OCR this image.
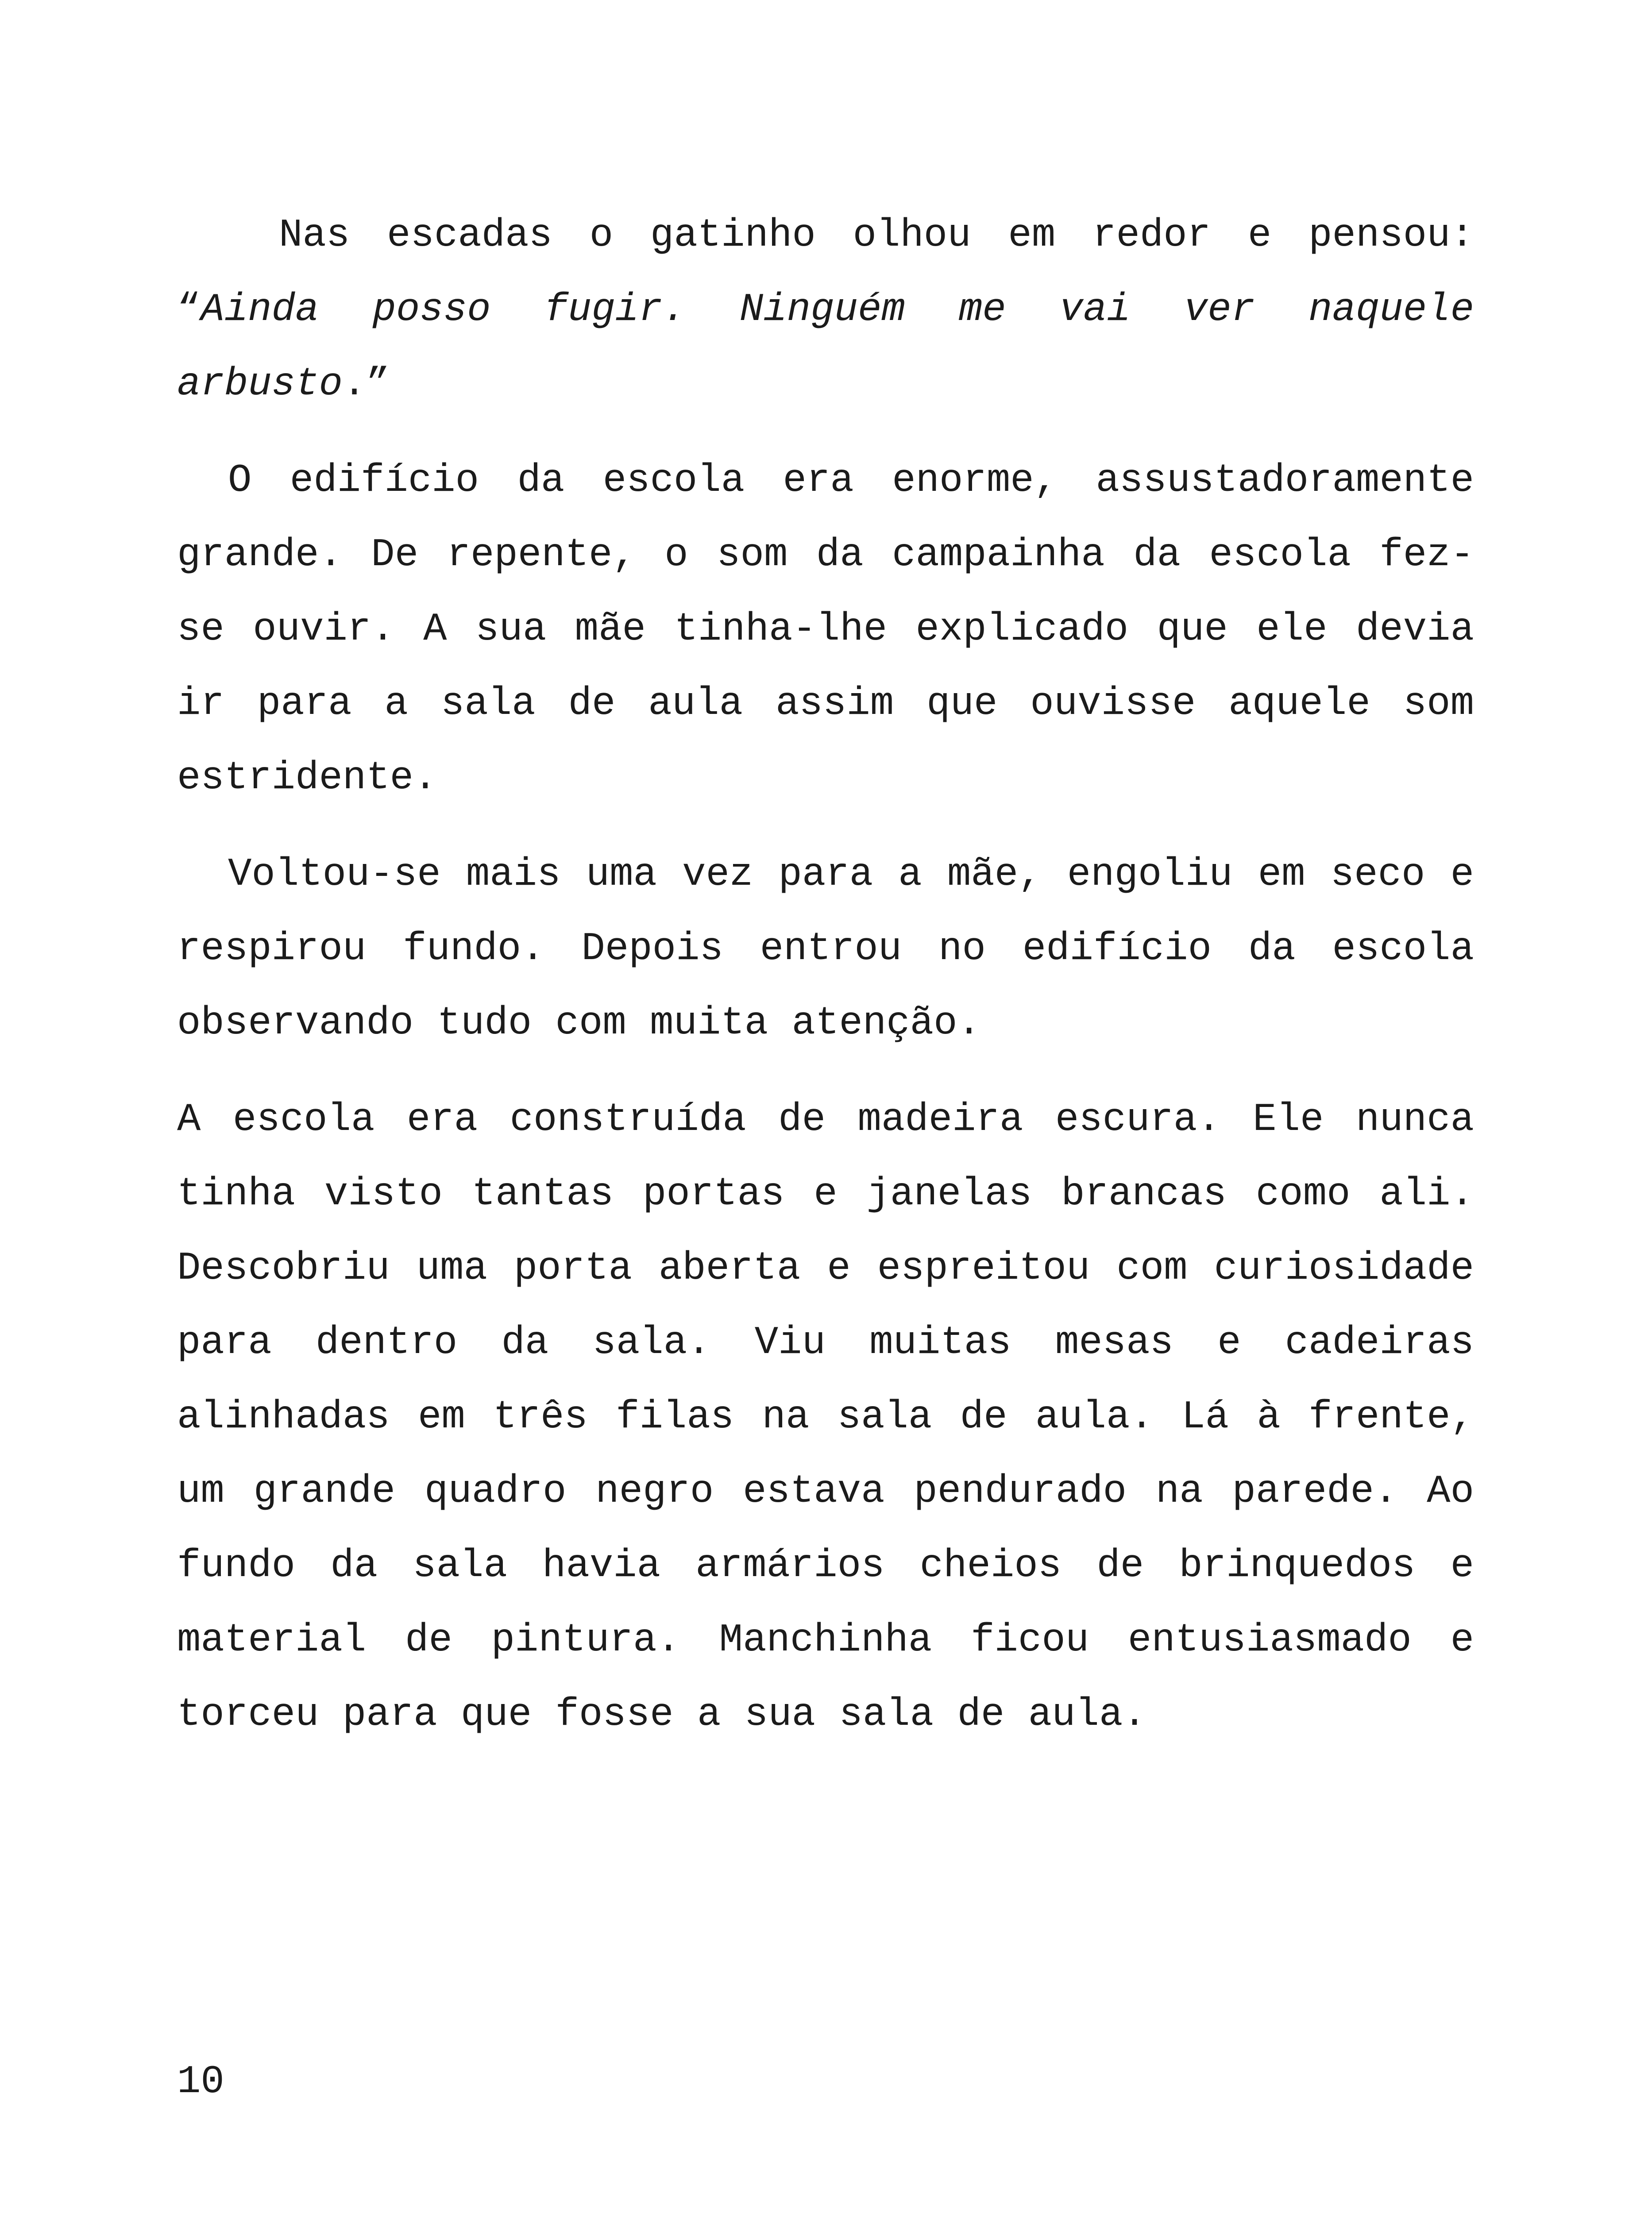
Nas escadas o gatinho olhou em redor e pensou: “Ainda posso fugir. Ninguém me vai ver naquele arbusto.”

O edifício da escola era enorme, assustadoramente grande. De repente, o som da campainha da escola fez-se ouvir. A sua mãe tinha-lhe explicado que ele devia ir para a sala de aula assim que ouvisse aquele som estridente.

Voltou-se mais uma vez para a mãe, engoliu em seco e respirou fundo. Depois entrou no edifício da escola observando tudo com muita atenção.

A escola era construída de madeira escura. Ele nunca tinha visto tantas portas e janelas brancas como ali. Descobriu uma porta aberta e espreitou com curiosidade para dentro da sala. Viu muitas mesas e cadeiras alinhadas em três filas na sala de aula. Lá à frente, um grande quadro negro estava pendurado na parede. Ao fundo da sala havia armários cheios de brinquedos e material de pintura. Manchinha ficou entusiasmado e torceu para que fosse a sua sala de aula.

10
